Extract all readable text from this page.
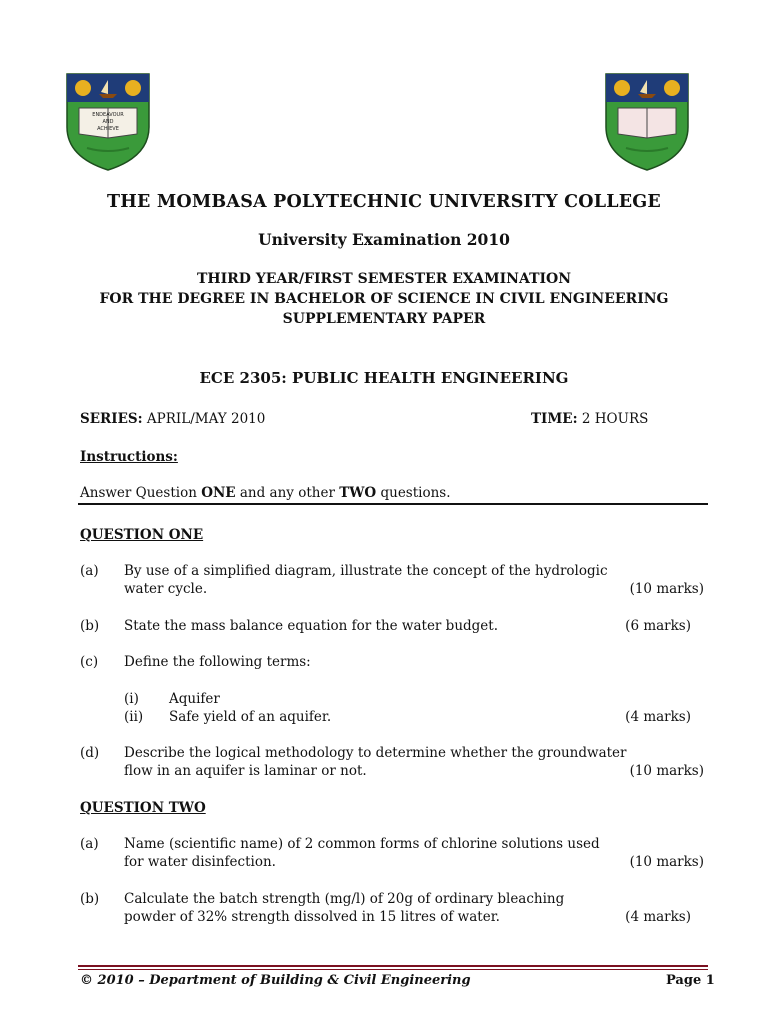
ENDEAVOUR
AND
ACHIEVE
THE MOMBASA POLYTECHNIC UNIVERSITY COLLEGE
University Examination 2010
THIRD YEAR/FIRST SEMESTER EXAMINATION
FOR THE DEGREE IN BACHELOR OF SCIENCE IN CIVIL ENGINEERING
SUPPLEMENTARY PAPER
ECE 2305: PUBLIC HEALTH ENGINEERING
SERIES: APRIL/MAY 2010	TIME: 2 HOURS
Instructions:
Answer Question ONE and any other TWO questions.
QUESTION ONE
(a) By use of a simplified diagram, illustrate the concept of the hydrologic
water cycle.	(10 marks)
(b) State the mass balance equation for the water budget.	(6 marks)
(c) Define the following terms:
(i) Aquifer
(ii) Safe yield of an aquifer.	(4 marks)
(d) Describe the logical methodology to determine whether the groundwater
flow in an aquifer is laminar or not.	(10 marks)
QUESTION TWO
(a) Name (scientific name) of 2 common forms of chlorine solutions used
for water disinfection.	(10 marks)
(b) Calculate the batch strength (mg/l) of 20g of ordinary bleaching
powder of 32% strength dissolved in 15 litres of water.	(4 marks)
© 2010 – Department of Building & Civil Engineering	Page 1
